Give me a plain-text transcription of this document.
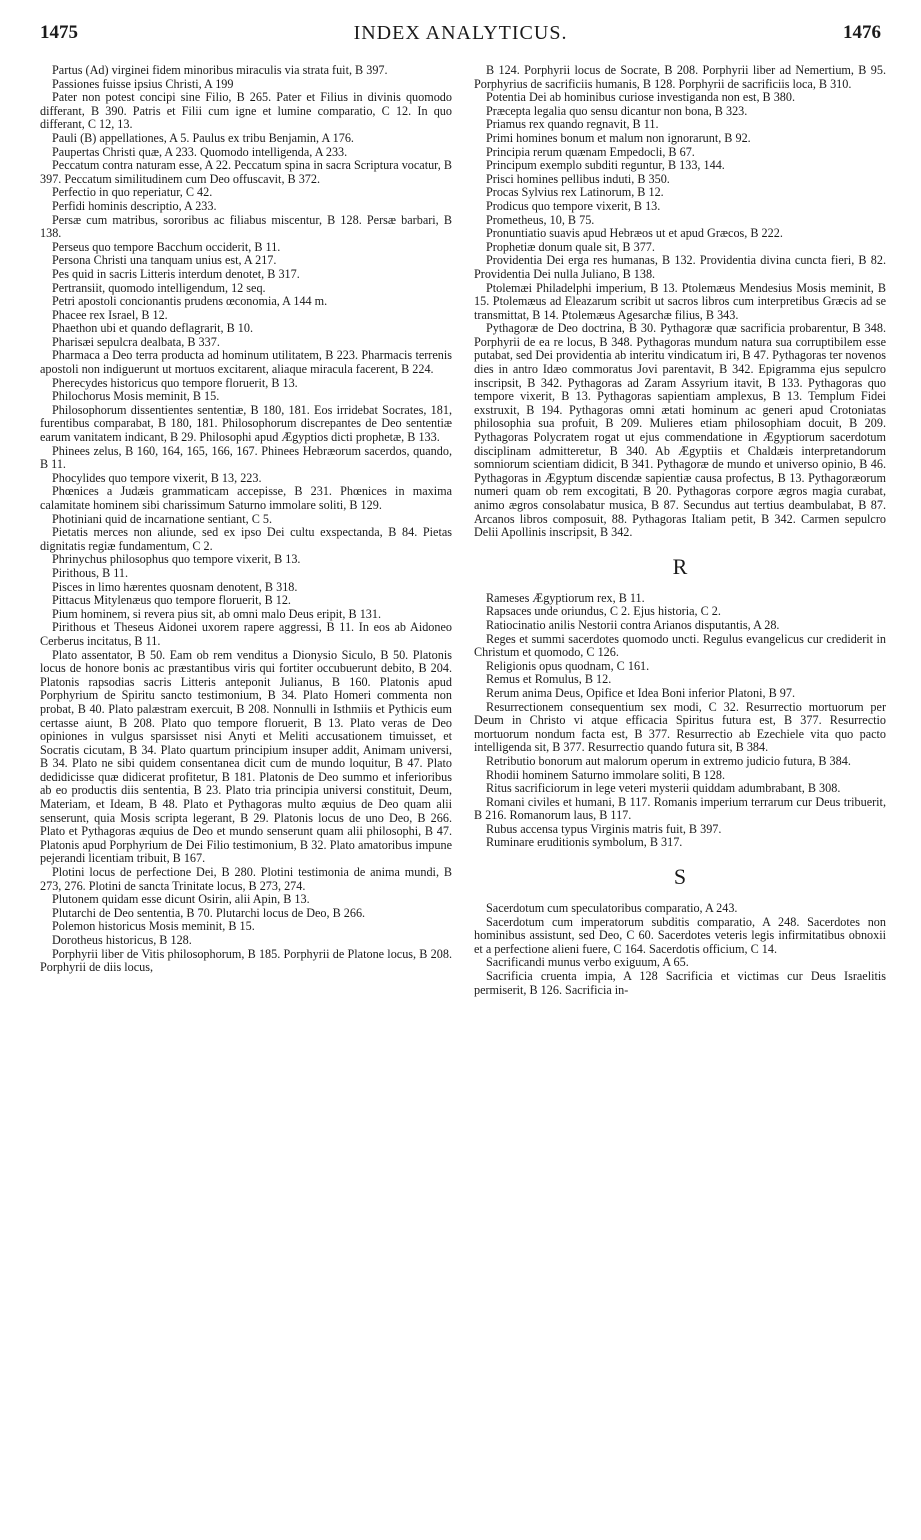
1475	INDEX ANALYTICUS.	1476

Partus (Ad) virginei fidem minoribus miraculis via strata fuit, B 397.

Passiones fuisse ipsius Christi, A 199

Pater non potest concipi sine Filio, B 265. Pater et Filius in divinis quomodo differant, B 390. Patris et Filii cum igne et lumine comparatio, C 12. In quo differant, C 12, 13.

Pauli (B) appellationes, A 5. Paulus ex tribu Benjamin, A 176.

Paupertas Christi quæ, A 233. Quomodo intelligenda, A 233.

Peccatum contra naturam esse, A 22. Peccatum spina in sacra Scriptura vocatur, B 397. Peccatum similitudinem cum Deo offuscavit, B 372.

Perfectio in quo reperiatur, C 42.

Perfidi hominis descriptio, A 233.

Persæ cum matribus, sororibus ac filiabus miscentur, B 128. Persæ barbari, B 138.

Perseus quo tempore Bacchum occiderit, B 11.

Persona Christi una tanquam unius est, A 217.

Pes quid in sacris Litteris interdum denotet, B 317.

Pertransiit, quomodo intelligendum, 12 seq.

Petri apostoli concionantis prudens œconomia, A 144 m.

Phacee rex Israel, B 12.

Phaethon ubi et quando deflagrarit, B 10.

Pharisæi sepulcra dealbata, B 337.

Pharmaca a Deo terra producta ad hominum utilitatem, B 223. Pharmacis terrenis apostoli non indiguerunt ut mortuos excitarent, aliaque miracula facerent, B 224.

Pherecydes historicus quo tempore floruerit, B 13.

Philochorus Mosis meminit, B 15.

Philosophorum dissentientes sententiæ, B 180, 181. Eos irridebat Socrates, 181, furentibus comparabat, B 180, 181. Philosophorum discrepantes de Deo sententiæ earum vanitatem indicant, B 29. Philosophi apud Ægyptios dicti prophetæ, B 133.

Phinees zelus, B 160, 164, 165, 166, 167. Phinees Hebræorum sacerdos, quando, B 11.

Phocylides quo tempore vixerit, B 13, 223.

Phœnices a Judæis grammaticam accepisse, B 231. Phœnices in maxima calamitate hominem sibi charissimum Saturno immolare soliti, B 129.

Photiniani quid de incarnatione sentiant, C 5.

Pietatis merces non aliunde, sed ex ipso Dei cultu exspectanda, B 84. Pietas dignitatis regiæ fundamentum, C 2.

Phrinychus philosophus quo tempore vixerit, B 13.

Pirithous, B 11.

Pisces in limo hærentes quosnam denotent, B 318.

Pittacus Mitylenæus quo tempore floruerit, B 12.

Pium hominem, si revera pius sit, ab omni malo Deus eripit, B 131.

Pirithous et Theseus Aidonei uxorem rapere aggressi, B 11. In eos ab Aidoneo Cerberus incitatus, B 11.

Plato assentator, B 50. Eam ob rem venditus a Dionysio Siculo, B 50. Platonis locus de honore bonis ac præstantibus viris qui fortiter occubuerunt debito, B 204. Platonis rapsodias sacris Litteris anteponit Julianus, B 160. Platonis apud Porphyrium de Spiritu sancto testimonium, B 34. Plato Homeri commenta non probat, B 40. Plato palæstram exercuit, B 208. Nonnulli in Isthmiis et Pythicis eum certasse aiunt, B 208. Plato quo tempore floruerit, B 13. Plato veras de Deo opiniones in vulgus sparsisset nisi Anyti et Meliti accusationem timuisset, et Socratis cicutam, B 34. Plato quartum principium insuper addit, Animam universi, B 34. Plato ne sibi quidem consentanea dicit cum de mundo loquitur, B 47. Plato dedidicisse quæ didicerat profitetur, B 181. Platonis de Deo summo et inferioribus ab eo productis diis sententia, B 23. Plato tria principia universi constituit, Deum, Materiam, et Ideam, B 48. Plato et Pythagoras multo æquius de Deo quam alii senserunt, quia Mosis scripta legerant, B 29. Platonis locus de uno Deo, B 266. Plato et Pythagoras æquius de Deo et mundo senserunt quam alii philosophi, B 47. Platonis apud Porphyrium de Dei Filio testimonium, B 32. Plato amatoribus impune pejerandi licentiam tribuit, B 167.

Plotini locus de perfectione Dei, B 280. Plotini testimonia de anima mundi, B 273, 276. Plotini de sancta Trinitate locus, B 273, 274.

Plutonem quidam esse dicunt Osirin, alii Apin, B 13.

Plutarchi de Deo sententia, B 70. Plutarchi locus de Deo, B 266.

Polemon historicus Mosis meminit, B 15.

Dorotheus historicus, B 128.

Porphyrii liber de Vitis philosophorum, B 185. Porphyrii de Platone locus, B 208. Porphyrii de diis locus,

B 124. Porphyrii locus de Socrate, B 208. Porphyrii liber ad Nemertium, B 95. Porphyrius de sacrificiis humanis, B 128. Porphyrii de sacrificiis loca, B 310.

Potentia Dei ab hominibus curiose investiganda non est, B 380.

Præcepta legalia quo sensu dicantur non bona, B 323.

Priamus rex quando regnavit, B 11.

Primi homines bonum et malum non ignorarunt, B 92.

Principia rerum quænam Empedocli, B 67.

Principum exemplo subditi reguntur, B 133, 144.

Prisci homines pellibus induti, B 350.

Procas Sylvius rex Latinorum, B 12.

Prodicus quo tempore vixerit, B 13.

Prometheus, 10, B 75.

Pronuntiatio suavis apud Hebræos ut et apud Græcos, B 222.

Prophetiæ donum quale sit, B 377.

Providentia Dei erga res humanas, B 132. Providentia divina cuncta fieri, B 82. Providentia Dei nulla Juliano, B 138.

Ptolemæi Philadelphi imperium, B 13. Ptolemæus Mendesius Mosis meminit, B 15. Ptolemæus ad Eleazarum scribit ut sacros libros cum interpretibus Græcis ad se transmittat, B 14. Ptolemæus Agesarchæ filius, B 343.

Pythagoræ de Deo doctrina, B 30. Pythagoræ quæ sacrificia probarentur, B 348. Porphyrii de ea re locus, B 348. Pythagoras mundum natura sua corruptibilem esse putabat, sed Dei providentia ab interitu vindicatum iri, B 47. Pythagoras ter novenos dies in antro Idæo commoratus Jovi parentavit, B 342. Epigramma ejus sepulcro inscripsit, B 342. Pythagoras ad Zaram Assyrium itavit, B 133. Pythagoras quo tempore vixerit, B 13. Pythagoras sapientiam amplexus, B 13. Templum Fidei exstruxit, B 194. Pythagoras omni ætati hominum ac generi apud Crotoniatas philosophia sua profuit, B 209. Mulieres etiam philosophiam docuit, B 209. Pythagoras Polycratem rogat ut ejus commendatione in Ægyptiorum sacerdotum disciplinam admitteretur, B 340. Ab Ægyptiis et Chaldæis interpretandorum somniorum scientiam didicit, B 341. Pythagoræ de mundo et universo opinio, B 46. Pythagoras in Ægyptum discendæ sapientiæ causa profectus, B 13. Pythagoræorum numeri quam ob rem excogitati, B 20. Pythagoras corpore ægros magia curabat, animo ægros consolabatur musica, B 87. Secundus aut tertius deambulabat, B 87. Arcanos libros composuit, 88. Pythagoras Italiam petit, B 342. Carmen sepulcro Delii Apollinis inscripsit, B 342.

R

Rameses Ægyptiorum rex, B 11.

Rapsaces unde oriundus, C 2. Ejus historia, C 2.

Ratiocinatio anilis Nestorii contra Arianos disputantis, A 28.

Reges et summi sacerdotes quomodo uncti. Regulus evangelicus cur crediderit in Christum et quomodo, C 126.

Religionis opus quodnam, C 161.

Remus et Romulus, B 12.

Rerum anima Deus, Opifice et Idea Boni inferior Platoni, B 97.

Resurrectionem consequentium sex modi, C 32. Resurrectio mortuorum per Deum in Christo vi atque efficacia Spiritus futura est, B 377. Resurrectio mortuorum nondum facta est, B 377. Resurrectio ab Ezechiele vita quo pacto intelligenda sit, B 377. Resurrectio quando futura sit, B 384.

Retributio bonorum aut malorum operum in extremo judicio futura, B 384.

Rhodii hominem Saturno immolare soliti, B 128.

Ritus sacrificiorum in lege veteri mysterii quiddam adumbrabant, B 308.

Romani civiles et humani, B 117. Romanis imperium terrarum cur Deus tribuerit, B 216. Romanorum laus, B 117.

Rubus accensa typus Virginis matris fuit, B 397.

Ruminare eruditionis symbolum, B 317.

S

Sacerdotum cum speculatoribus comparatio, A 243.

Sacerdotum cum imperatorum subditis comparatio, A 248. Sacerdotes non hominibus assistunt, sed Deo, C 60. Sacerdotes veteris legis infirmitatibus obnoxii et a perfectione alieni fuere, C 164. Sacerdotis officium, C 14.

Sacrificandi munus verbo exiguum, A 65.

Sacrificia cruenta impia, A 128 Sacrificia et victimas cur Deus Israelitis permiserit, B 126. Sacrificia in-
